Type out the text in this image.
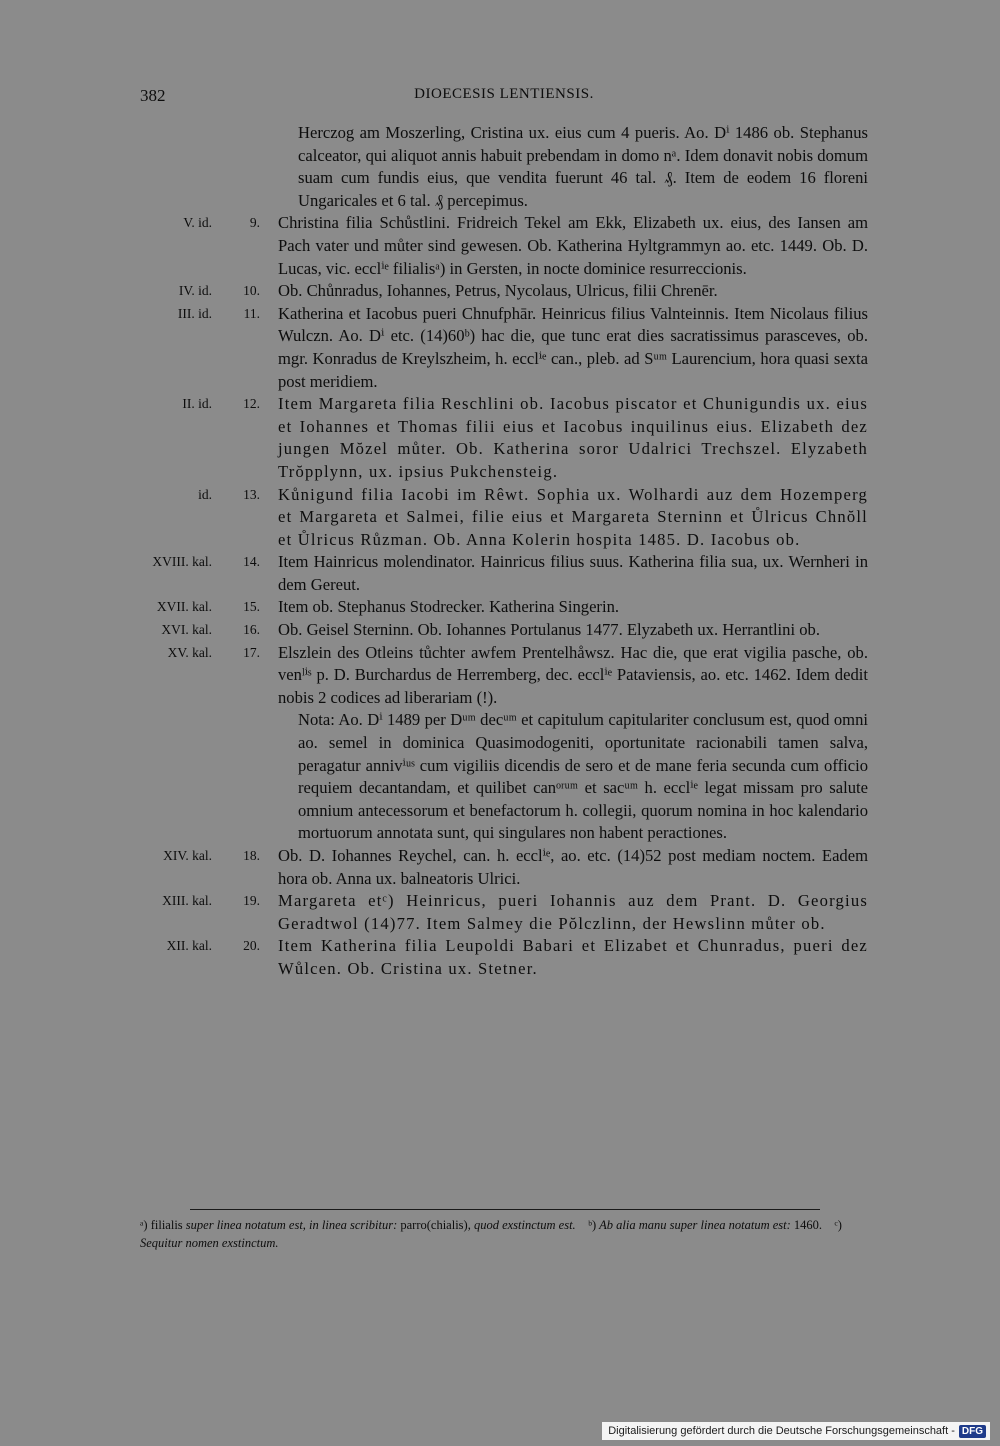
382	DIOECESIS LENTIENSIS.
Herczog am Moszerling, Cristina ux. eius cum 4 pueris. Ao. Dⁱ 1486 ob. Stephanus calceator, qui aliquot annis habuit prebendam in domo nᵃ. Idem donavit nobis domum suam cum fundis eius, que vendita fuerunt 46 tal. ₰. Item de eodem 16 floreni Ungaricales et 6 tal. ₰ percepimus.
V. id.	9. Christina filia Schůstlini. Fridreich Tekel am Ekk, Elizabeth ux. eius, des Iansen am Pach vater und můter sind gewesen. Ob. Katherina Hyltgrammyn ao. etc. 1449. Ob. D. Lucas, vic. ecclⁱᵉ filialisᵃ) in Gersten, in nocte dominice resurreccionis.
IV. id.	10. Ob. Chůnradus, Iohannes, Petrus, Nycolaus, Ulricus, filii Chrenēr.
III. id.	11. Katherina et Iacobus pueri Chnufphār. Heinricus filius Valnteinnis. Item Nicolaus filius Wulczn. Ao. Dⁱ etc. (14)60ᵇ) hac die, que tunc erat dies sacratissimus parasceves, ob. mgr. Konradus de Kreylszheim, h. ecclⁱᵉ can., pleb. ad Sᵘᵐ Laurencium, hora quasi sexta post meridiem.
II. id.	12. Item Margareta filia Reschlini ob. Iacobus piscator et Chunigundis ux. eius et Iohannes et Thomas filii eius et Iacobus inquilinus eius. Elizabeth dez jungen Mŏzel můter. Ob. Katherina soror Udalrici Trechszel. Elyzabeth Trŏpplynn, ux. ipsius Pukchensteig.
id.	13. Kůnigund filia Iacobi im Rêwt. Sophia ux. Wolhardi auz dem Hozemperg et Margareta et Salmei, filie eius et Margareta Sterninn et Ůlricus Chnŏll et Ůlricus Růzman. Ob. Anna Kolerin hospita 1485. D. Iacobus ob.
XVIII. kal.	14. Item Hainricus molendinator. Hainricus filius suus. Katherina filia sua, ux. Wernheri in dem Gereut.
XVII. kal.	15. Item ob. Stephanus Stodrecker. Katherina Singerin.
XVI. kal.	16. Ob. Geisel Sterninn. Ob. Iohannes Portulanus 1477. Elyzabeth ux. Herrantlini ob.
XV. kal.	17. Elszlein des Otleins tůchter awfem Prentelhåwsz. Hac die, que erat vigilia pasche, ob. venˡⁱˢ p. D. Burchardus de Herremberg, dec. ecclⁱᵉ Pataviensis, ao. etc. 1462. Idem dedit nobis 2 codices ad liberariam (!).
Nota: Ao. Dⁱ 1489 per Dᵘᵐ decᵘᵐ et capitulum capitulariter conclusum est, quod omni ao. semel in dominica Quasimodogeniti, oportunitate racionabili tamen salva, peragatur annivⁱᵘˢ cum vigiliis dicendis de sero et de mane feria secunda cum officio requiem decantandam, et quilibet canᵒʳᵘᵐ et sacᵘᵐ h. ecclⁱᵉ legat missam pro salute omnium antecessorum et benefactorum h. collegii, quorum nomina in hoc kalendario mortuorum annotata sunt, qui singulares non habent peractiones.
XIV. kal.	18. Ob. D. Iohannes Reychel, can. h. ecclⁱᵉ, ao. etc. (14)52 post mediam noctem. Eadem hora ob. Anna ux. balneatoris Ulrici.
XIII. kal.	19. Margareta etᶜ) Heinricus, pueri Iohannis auz dem Prant. D. Georgius Geradtwol (14)77. Item Salmey die Pŏlczlinn, der Hewslinn můter ob.
XII. kal.	20. Item Katherina filia Leupoldi Babari et Elizabet et Chunradus, pueri dez Wůlcen. Ob. Cristina ux. Stetner.
ᵃ) filialis super linea notatum est, in linea scribitur: parro(chialis), quod exstinctum est. ᵇ) Ab alia manu super linea notatum est: 1460. ᶜ) Sequitur nomen exstinctum.
Digitalisierung gefördert durch die Deutsche Forschungsgemeinschaft - DFG
